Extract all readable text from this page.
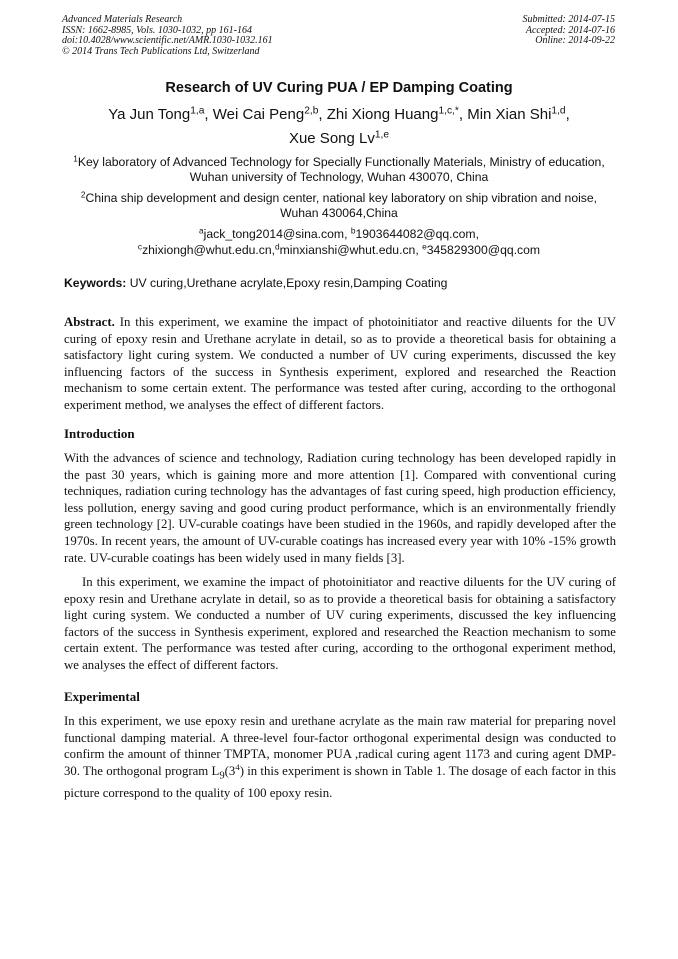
Advanced Materials Research
ISSN: 1662-8985, Vols. 1030-1032, pp 161-164
doi:10.4028/www.scientific.net/AMR.1030-1032.161
© 2014 Trans Tech Publications Ltd, Switzerland
Submitted: 2014-07-15
Accepted: 2014-07-16
Online: 2014-09-22
Research of UV Curing PUA / EP Damping Coating
Ya Jun Tong$^{1,a}$, Wei Cai Peng$^{2,b}$, Zhi Xiong Huang$^{1,c,*}$, Min Xian Shi$^{1,d}$,
Xue Song Lv$^{1,e}$
$^1$Key laboratory of Advanced Technology for Specially Functionally Materials, Ministry of education, Wuhan university of Technology, Wuhan 430070, China
$^2$China ship development and design center, national key laboratory on ship vibration and noise, Wuhan 430064,China
$^a$jack_tong2014@sina.com, $^b$1903644082@qq.com,
$^c$zhixiongh@whut.edu.cn,$^d$minxianshi@whut.edu.cn, $^e$345829300@qq.com
Keywords: UV curing,Urethane acrylate,Epoxy resin,Damping Coating

Abstract. In this experiment, we examine the impact of photoinitiator and reactive diluents for the UV curing of epoxy resin and Urethane acrylate in detail, so as to provide a theoretical basis for obtaining a satisfactory light curing system. We conducted a number of UV curing experiments, discussed the key influencing factors of the success in Synthesis experiment, explored and researched the Reaction mechanism to some certain extent. The performance was tested after curing, according to the orthogonal experiment method, we analyses the effect of different factors.

Introduction

With the advances of science and technology, Radiation curing technology has been developed rapidly in the past 30 years, which is gaining more and more attention [1]. Compared with conventional curing techniques, radiation curing technology has the advantages of fast curing speed, high production efficiency, less pollution, energy saving and good curing product performance, which is an environmentally friendly green technology [2]. UV-curable coatings have been studied in the 1960s, and rapidly developed after the 1970s. In recent years, the amount of UV-curable coatings has increased every year with 10% -15% growth rate. UV-curable coatings has been widely used in many fields [3].

In this experiment, we examine the impact of photoinitiator and reactive diluents for the UV curing of epoxy resin and Urethane acrylate in detail, so as to provide a theoretical basis for obtaining a satisfactory light curing system. We conducted a number of UV curing experiments, discussed the key influencing factors of the success in Synthesis experiment, explored and researched the Reaction mechanism to some certain extent. The performance was tested after curing, according to the orthogonal experiment method, we analyses the effect of different factors.

Experimental

In this experiment, we use epoxy resin and urethane acrylate as the main raw material for preparing novel functional damping material. A three-level four-factor orthogonal experimental design was conducted to confirm the amount of thinner TMPTA, monomer PUA ,radical curing agent 1173 and curing agent DMP-30. The orthogonal program $L_9(3^4)$ in this experiment is shown in Table 1. The dosage of each factor in this picture correspond to the quality of 100 epoxy resin.
